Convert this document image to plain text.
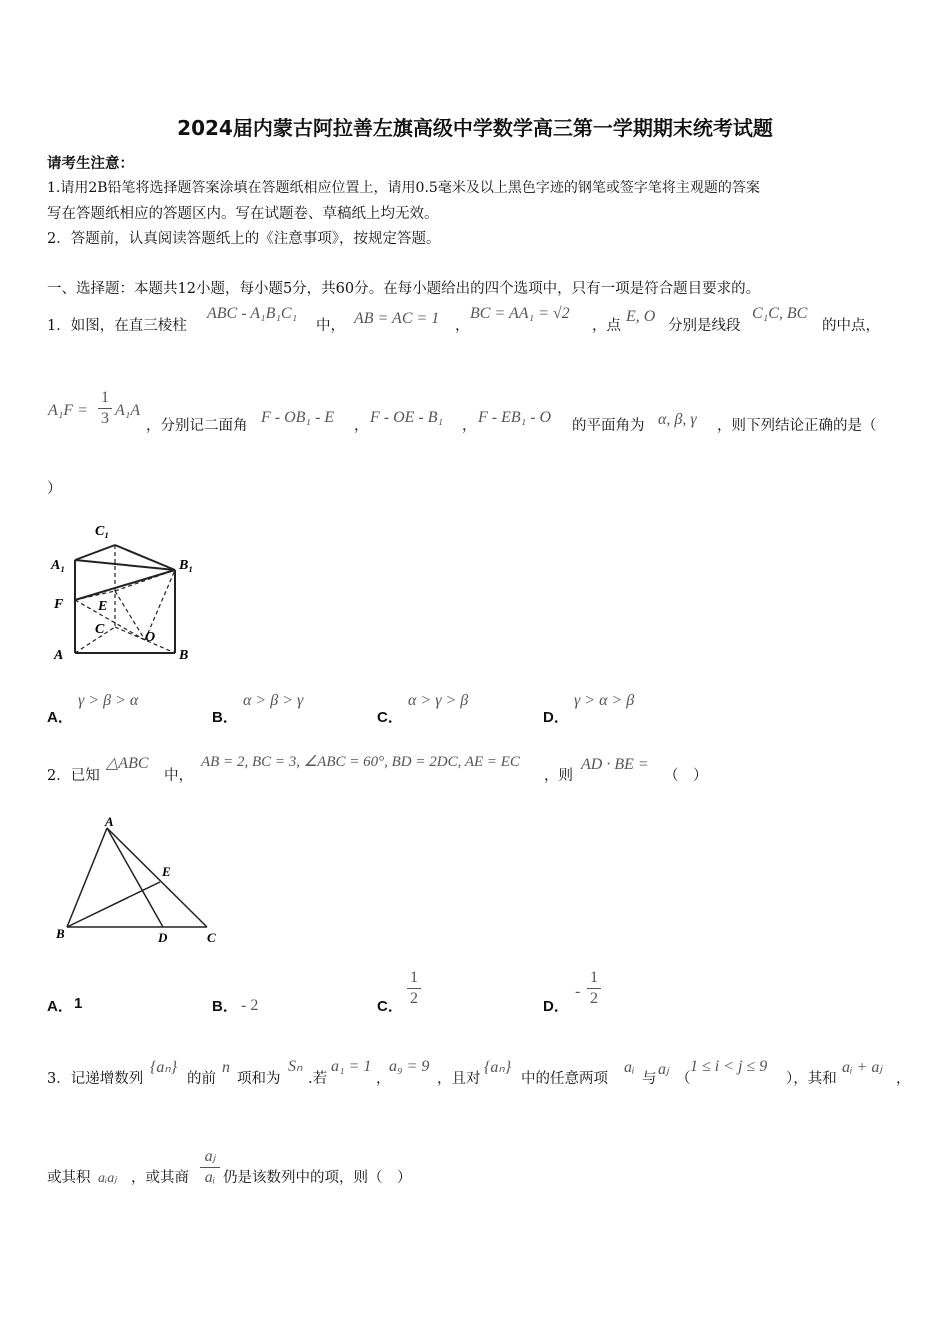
2024届内蒙古阿拉善左旗高级中学数学高三第一学期期末统考试题
请考生注意：
1.请用2B铅笔将选择题答案涂填在答题纸相应位置上，请用0.5毫米及以上黑色字迹的钢笔或签字笔将主观题的答案
写在答题纸相应的答题区内。写在试题卷、草稿纸上均无效。
2．答题前，认真阅读答题纸上的《注意事项》，按规定答题。
一、选择题：本题共12小题，每小题5分，共60分。在每小题给出的四个选项中，只有一项是符合题目要求的。
1．如图，在直三棱柱
ABC - A₁B₁C₁
中， AB = AC = 1 ，
BC = AA₁ = √2
，点
E, O
分别是线段
C₁C, BC
的中点，
A₁F =
1
3 A₁A
，分别记二面角 F - OB₁ - E ， F - OE - B₁ ， F - EB₁ - O 的平面角为 α, β, γ ，则下列结论正确的是（
）
C₁
A₁	B₁
F E
C
O
A	B
A．
γ > β > α
B．
α > β > γ
C．
α > γ > β
D．
γ > α > β
2．已知
△ABC
中，
AB = 2, BC = 3, ∠ABC = 60°, BD = 2DC, AE = EC
，则
AD · BE =
（　）
A
E
B	D	C
A． 1	B． - 2	C．
1
2	D．
-
1
2
3．记递增数列
{aₙ}
的前
n
项和为
Sₙ
.若
a₁ = 1
，
a₉ = 9
，且对
{aₙ}
中的任意两项
aᵢ
与
aⱼ
（
1 ≤ i < j ≤ 9
），其和
aᵢ + aⱼ
，
或其积 aᵢaⱼ ，或其商
aⱼ
aᵢ 仍是该数列中的项，则（　）
